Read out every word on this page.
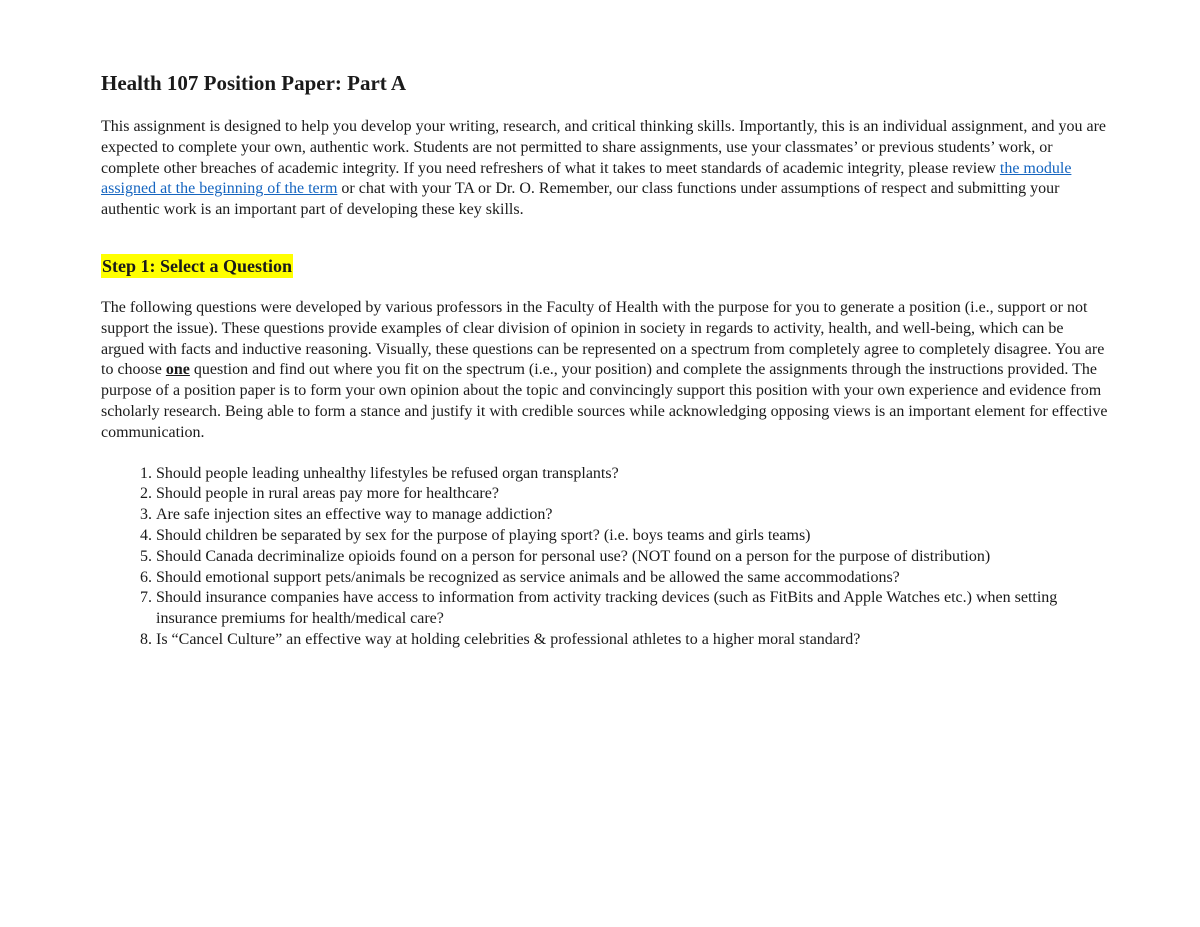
Health 107 Position Paper: Part A

This assignment is designed to help you develop your writing, research, and critical thinking skills. Importantly, this is an individual assignment, and you are expected to complete your own, authentic work. Students are not permitted to share assignments, use your classmates’ or previous students’ work, or complete other breaches of academic integrity. If you need refreshers of what it takes to meet standards of academic integrity, please review the module assigned at the beginning of the term or chat with your TA or Dr. O. Remember, our class functions under assumptions of respect and submitting your authentic work is an important part of developing these key skills.

Step 1: Select a Question

The following questions were developed by various professors in the Faculty of Health with the purpose for you to generate a position (i.e., support or not support the issue). These questions provide examples of clear division of opinion in society in regards to activity, health, and well-being, which can be argued with facts and inductive reasoning. Visually, these questions can be represented on a spectrum from completely agree to completely disagree. You are to choose one question and find out where you fit on the spectrum (i.e., your position) and complete the assignments through the instructions provided. The purpose of a position paper is to form your own opinion about the topic and convincingly support this position with your own experience and evidence from scholarly research. Being able to form a stance and justify it with credible sources while acknowledging opposing views is an important element for effective communication.

1. Should people leading unhealthy lifestyles be refused organ transplants?
2. Should people in rural areas pay more for healthcare?
3. Are safe injection sites an effective way to manage addiction?
4. Should children be separated by sex for the purpose of playing sport? (i.e. boys teams and girls teams)
5. Should Canada decriminalize opioids found on a person for personal use? (NOT found on a person for the purpose of distribution)
6. Should emotional support pets/animals be recognized as service animals and be allowed the same accommodations?
7. Should insurance companies have access to information from activity tracking devices (such as FitBits and Apple Watches etc.) when setting insurance premiums for health/medical care?
8. Is “Cancel Culture” an effective way at holding celebrities & professional athletes to a higher moral standard?
